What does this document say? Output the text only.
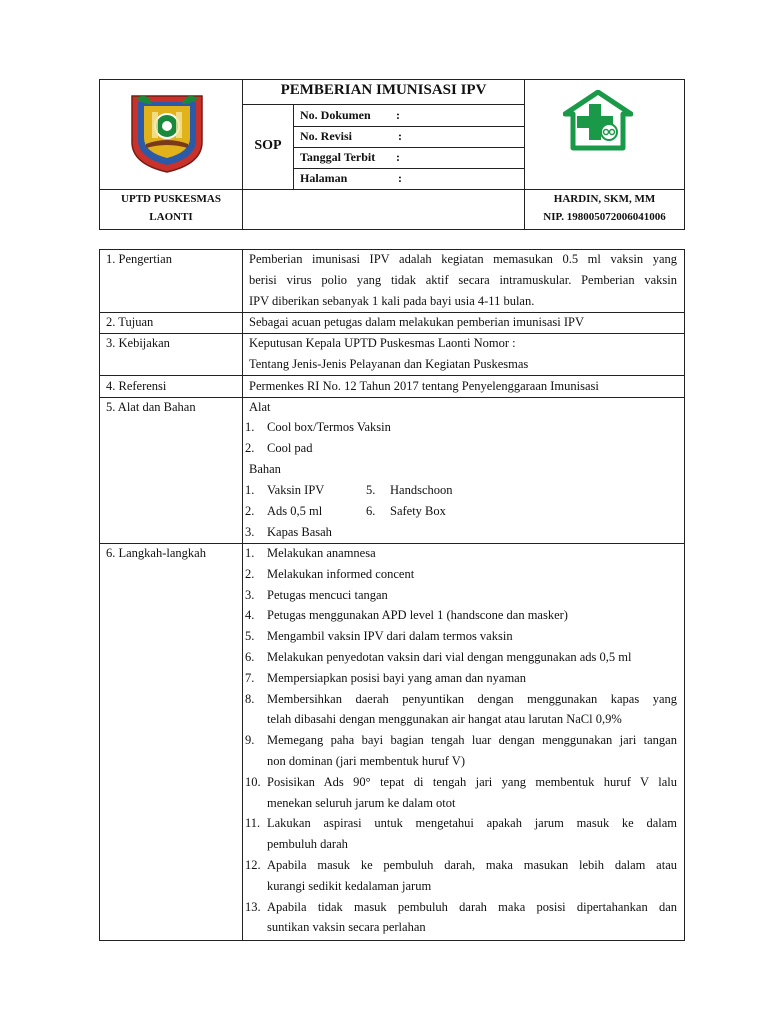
PEMBERIAN IMUNISASI IPV
SOP
No. Dokumen :
No. Revisi	:
Tanggal Terbit :
Halaman	:
UPTD PUSKESMAS
LAONTI
HARDIN, SKM, MM
NIP. 198005072006041006
1. Pengertian	Pemberian imunisasi IPV adalah kegiatan memasukan 0.5 ml vaksin yang
berisi virus polio yang tidak aktif secara intramuskular. Pemberian vaksin
IPV diberikan sebanyak 1 kali pada bayi usia 4-11 bulan.
2. Tujuan	Sebagai acuan petugas dalam melakukan pemberian imunisasi IPV
3. Kebijakan	Keputusan Kepala UPTD Puskesmas Laonti Nomor :
Tentang Jenis-Jenis Pelayanan dan Kegiatan Puskesmas
4. Referensi	Permenkes RI No. 12 Tahun 2017 tentang Penyelenggaraan Imunisasi
5. Alat dan Bahan	Alat
1. Cool box/Termos Vaksin
2. Cool pad
Bahan
1. Vaksin IPV
2. Ads 0,5 ml
3. Kapas Basah
5. Handschoon
6. Safety Box
6. Langkah-langkah	1. Melakukan anamnesa
2. Melakukan informed concent
3. Petugas mencuci tangan
4. Petugas menggunakan APD level 1 (handscone dan masker)
5. Mengambil vaksin IPV dari dalam termos vaksin
6. Melakukan penyedotan vaksin dari vial dengan menggunakan ads 0,5 ml
7. Mempersiapkan posisi bayi yang aman dan nyaman
8. Membersihkan daerah penyuntikan dengan menggunakan kapas yang
telah dibasahi dengan menggunakan air hangat atau larutan NaCl 0,9%
9. Memegang paha bayi bagian tengah luar dengan menggunakan jari tangan
non dominan (jari membentuk huruf V)
10. Posisikan Ads 90° tepat di tengah jari yang membentuk huruf V lalu
menekan seluruh jarum ke dalam otot
11. Lakukan aspirasi untuk mengetahui apakah jarum masuk ke dalam
pembuluh darah
12. Apabila masuk ke pembuluh darah, maka masukan lebih dalam atau
kurangi sedikit kedalaman jarum
13. Apabila tidak masuk pembuluh darah maka posisi dipertahankan dan
suntikan vaksin secara perlahan
